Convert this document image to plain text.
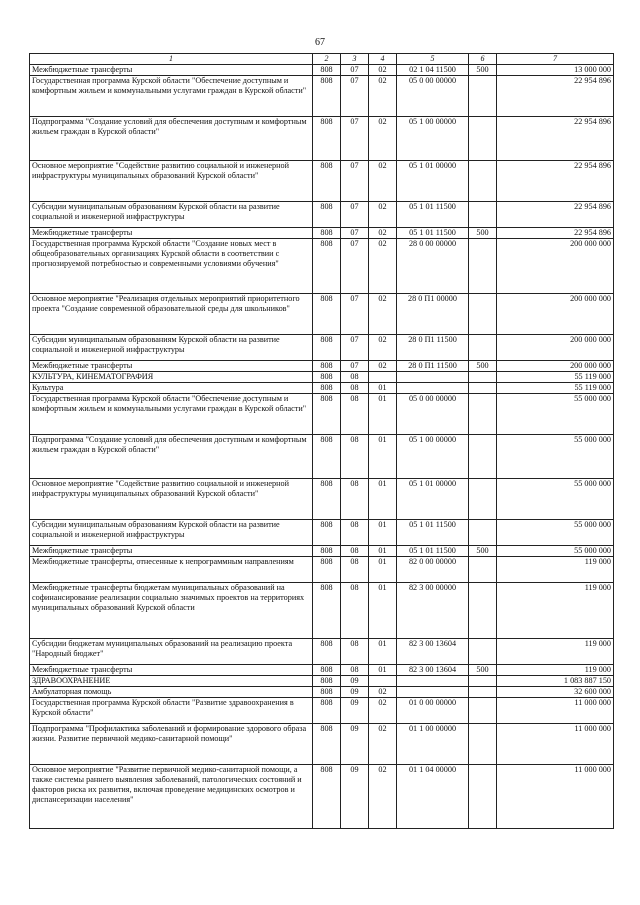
67
1	2	3	4	5	6	7
Межбюджетные трансферты	808	07	02	02 1 04 11500	500	13 000 000
Государственная программа Курской области "Обеспечение доступным и комфортным жильем и коммунальными услугами граждан в Курской области"	808	07	02	05 0 00 00000		22 954 896
Подпрограмма "Создание условий для обеспечения доступным и комфортным жильем граждан в Курской области"	808	07	02	05 1 00 00000		22 954 896
Основное мероприятие "Содействие развитию социальной и инженерной инфраструктуры муниципальных образований Курской области"	808	07	02	05 1 01 00000		22 954 896
Субсидии муниципальным образованиям Курской области на развитие социальной и инженерной инфраструктуры	808	07	02	05 1 01 11500		22 954 896
Межбюджетные трансферты	808	07	02	05 1 01 11500	500	22 954 896
Государственная программа Курской области "Создание новых мест в общеобразовательных организациях Курской области в соответствии с прогнозируемой потребностью и современными условиями обучения"	808	07	02	28 0 00 00000		200 000 000
Основное мероприятие "Реализация отдельных мероприятий приоритетного проекта "Создание современной образовательной среды для школьников"	808	07	02	28 0 П1 00000		200 000 000
Субсидии муниципальным образованиям Курской области на развитие социальной и инженерной инфраструктуры	808	07	02	28 0 П1 11500		200 000 000
Межбюджетные трансферты	808	07	02	28 0 П1 11500	500	200 000 000
КУЛЬТУРА, КИНЕМАТОГРАФИЯ	808	08				55 119 000
Культура	808	08	01			55 119 000
Государственная программа Курской области "Обеспечение доступным и комфортным жильем и коммунальными услугами граждан в Курской области"	808	08	01	05 0 00 00000		55 000 000
Подпрограмма "Создание условий для обеспечения доступным и комфортным жильем граждан в Курской области"	808	08	01	05 1 00 00000		55 000 000
Основное мероприятие "Содействие развитию социальной и инженерной инфраструктуры муниципальных образований Курской области"	808	08	01	05 1 01 00000		55 000 000
Субсидии муниципальным образованиям Курской области на развитие социальной и инженерной инфраструктуры	808	08	01	05 1 01 11500		55 000 000
Межбюджетные трансферты	808	08	01	05 1 01 11500	500	55 000 000
Межбюджетные трансферты, отнесенные к непрограммным направлениям	808	08	01	82 0 00 00000		119 000
Межбюджетные трансферты бюджетам муниципальных образований на софинансирование реализации социально значимых проектов на территориях муниципальных образований Курской области	808	08	01	82 3 00 00000		119 000
Субсидии бюджетам муниципальных образований на реализацию проекта "Народный бюджет"	808	08	01	82 3 00 13604		119 000
Межбюджетные трансферты	808	08	01	82 3 00 13604	500	119 000
ЗДРАВООХРАНЕНИЕ	808	09				1 083 887 150
Амбулаторная помощь	808	09	02			32 600 000
Государственная программа Курской области "Развитие здравоохранения в Курской области"	808	09	02	01 0 00 00000		11 000 000
Подпрограмма "Профилактика заболеваний и формирование здорового образа жизни. Развитие первичной медико-санитарной помощи"	808	09	02	01 1 00 00000		11 000 000
Основное мероприятие "Развитие первичной медико-санитарной помощи, а также системы раннего выявления заболеваний, патологических состояний и факторов риска их развития, включая проведение медицинских осмотров и диспансеризации населения"	808	09	02	01 1 04 00000		11 000 000
